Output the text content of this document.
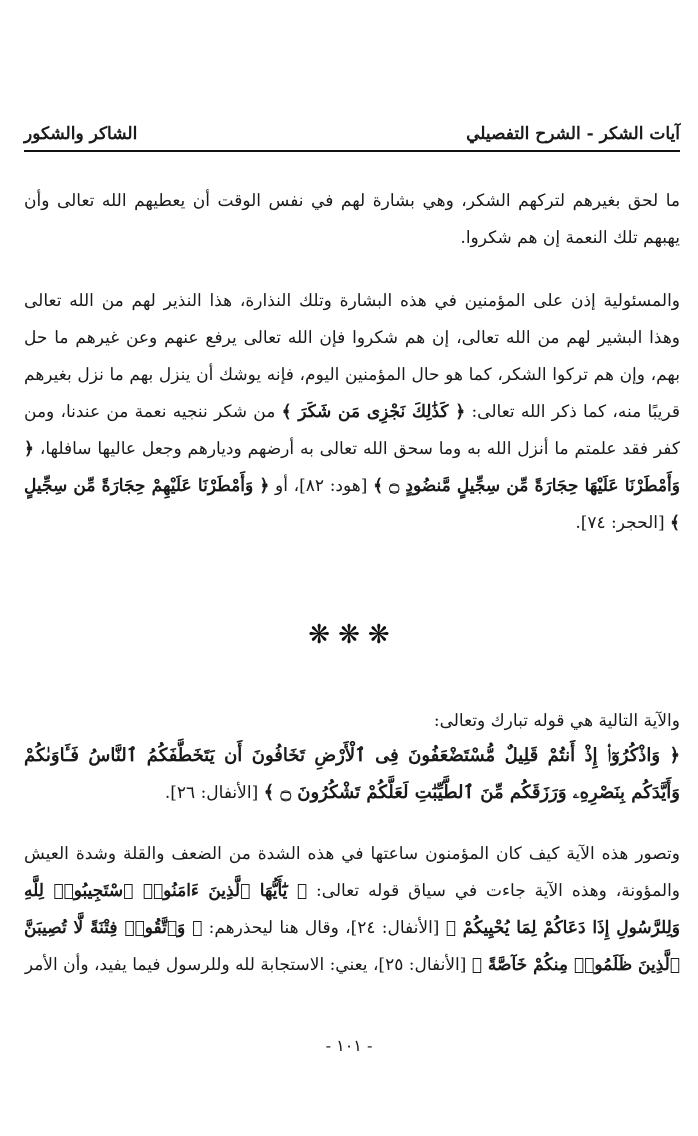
الشاكر والشكور	آيات الشكر - الشرح التفصيلي

ما لحق بغيرهم لتركهم الشكر، وهي بشارة لهم في نفس الوقت أن يعطيهم الله تعالى وأن يهبهم تلك النعمة إن هم شكروا.

والمسئولية إذن على المؤمنين في هذه البشارة وتلك النذارة، هذا النذير لهم من الله تعالى وهذا البشير لهم من الله تعالى، إن هم شكروا فإن الله تعالى يرفع عنهم وعن غيرهم ما حل بهم، وإن هم تركوا الشكر، كما هو حال المؤمنين اليوم، فإنه يوشك أن ينزل بهم ما نزل بغيرهم قريبًا منه، كما ذكر الله تعالى: ﴿ كَذَٰلِكَ نَجْزِى مَن شَكَرَ ﴾ من شكر ننجيه نعمة من عندنا، ومن كفر فقد علمتم ما أنزل الله به وما سحق الله تعالى به أرضهم وديارهم وجعل عاليها سافلها، ﴿ وَأَمْطَرْنَا عَلَيْهَا حِجَارَةً مِّن سِجِّيلٍ مَّنضُودٍ ۝ ﴾ [هود: ٨٢]، أو ﴿ وَأَمْطَرْنَا عَلَيْهِمْ حِجَارَةً مِّن سِجِّيلٍ ﴾ [الحجر: ٧٤].

❋ ❋ ❋

والآية التالية هي قوله تبارك وتعالى:

﴿ وَاذْكُرُوٓا۟ إِذْ أَنتُمْ قَلِيلٌ مُّسْتَضْعَفُونَ فِى ٱلْأَرْضِ تَخَافُونَ أَن يَتَخَطَّفَكُمُ ٱلنَّاسُ فَـَٔاوَىٰكُمْ وَأَيَّدَكُم بِنَصْرِهِۦ وَرَزَقَكُم مِّنَ ٱلطَّيِّبَٰتِ لَعَلَّكُمْ تَشْكُرُونَ ۝ ﴾ [الأنفال: ٢٦].

وتصور هذه الآية كيف كان المؤمنون ساعتها في هذه الشدة من الضعف والقلة وشدة العيش والمؤونة، وهذه الآية جاءت في سياق قوله تعالى: ﴿ يَٰٓأَيُّهَا ٱلَّذِينَ ءَامَنُوا۟ ٱسْتَجِيبُوا۟ لِلَّهِ وَلِلرَّسُولِ إِذَا دَعَاكُمْ لِمَا يُحْيِيكُمْ ﴾ [الأنفال: ٢٤]، وقال هنا ليحذرهم: ﴿ وَٱتَّقُوا۟ فِتْنَةً لَّا تُصِيبَنَّ ٱلَّذِينَ ظَلَمُوا۟ مِنكُمْ خَآصَّةً ﴾ [الأنفال: ٢٥]، يعني: الاستجابة لله وللرسول فيما يفيد، وأن الأمر

- ١٠١ -
